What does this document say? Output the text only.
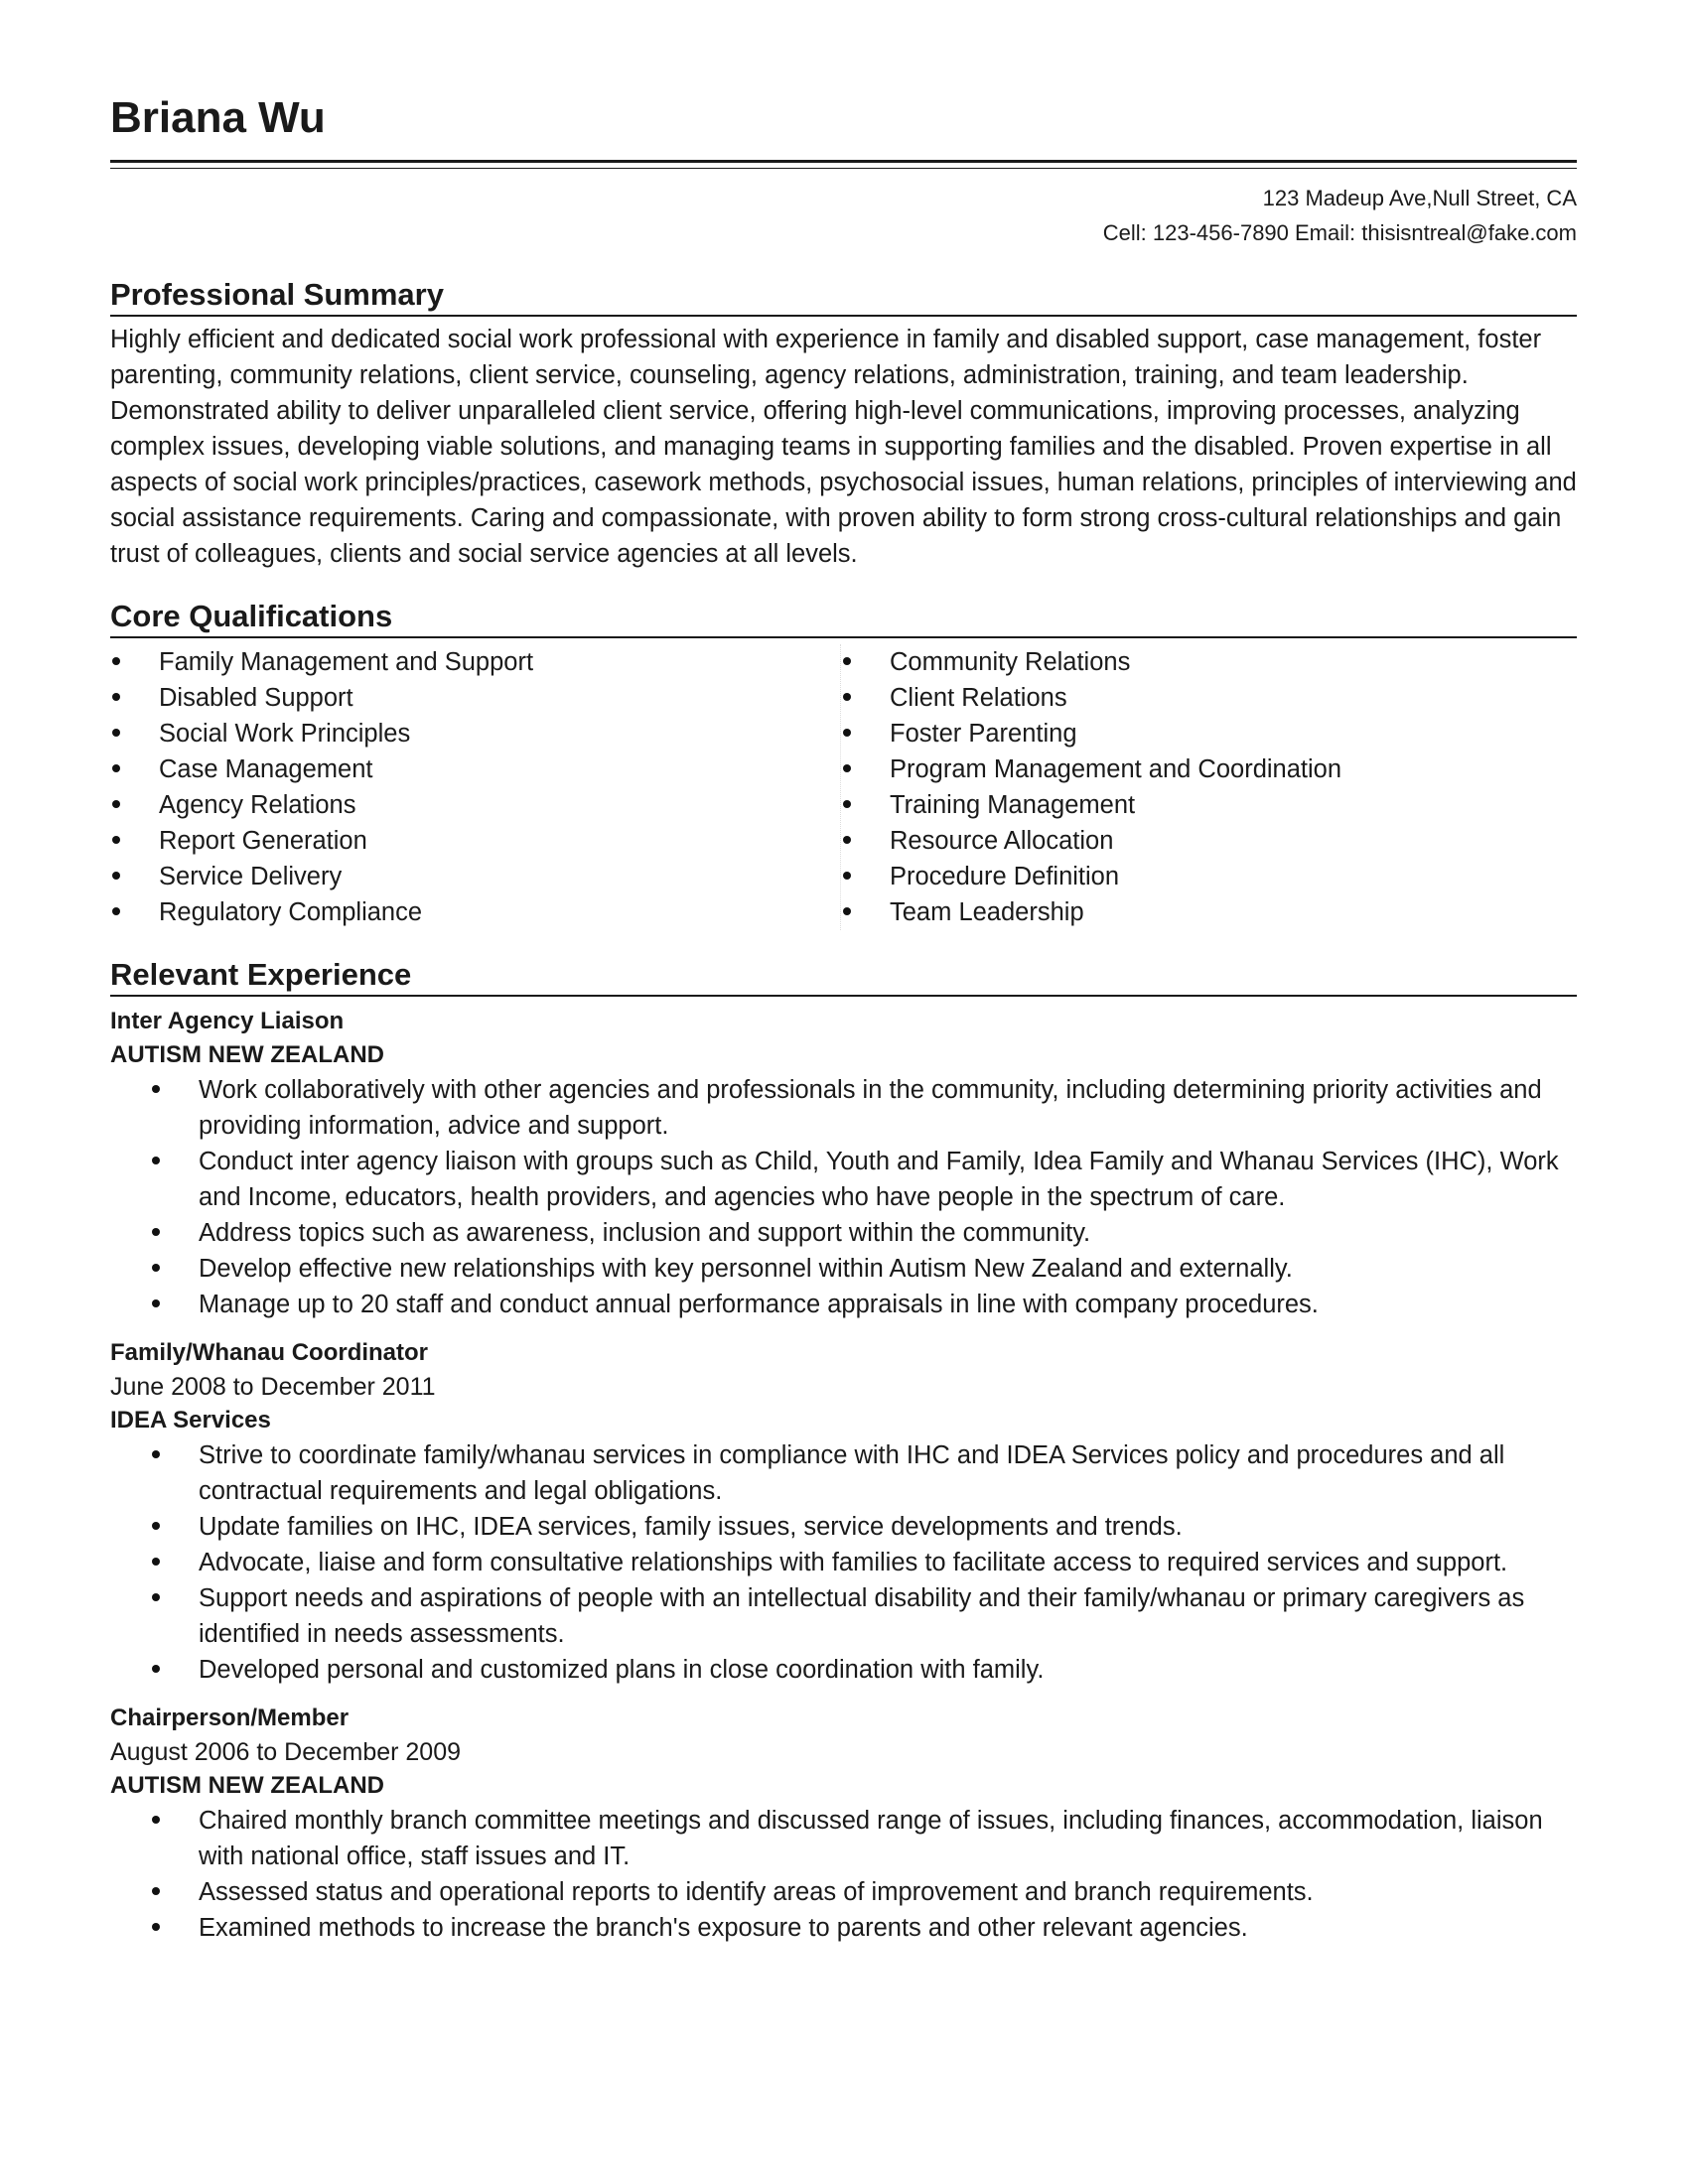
Briana Wu
123 Madeup Ave,Null Street, CA
Cell: 123-456-7890 Email: thisisntreal@fake.com
Professional Summary
Highly efficient and dedicated social work professional with experience in family and disabled support, case management, foster parenting, community relations, client service, counseling, agency relations, administration, training, and team leadership. Demonstrated ability to deliver unparalleled client service, offering high-level communications, improving processes, analyzing complex issues, developing viable solutions, and managing teams in supporting families and the disabled. Proven expertise in all aspects of social work principles/practices, casework methods, psychosocial issues, human relations, principles of interviewing and social assistance requirements. Caring and compassionate, with proven ability to form strong cross-cultural relationships and gain trust of colleagues, clients and social service agencies at all levels.
Core Qualifications
Family Management and Support
Disabled Support
Social Work Principles
Case Management
Agency Relations
Report Generation
Service Delivery
Regulatory Compliance
Community Relations
Client Relations
Foster Parenting
Program Management and Coordination
Training Management
Resource Allocation
Procedure Definition
Team Leadership
Relevant Experience
Inter Agency Liaison
AUTISM NEW ZEALAND
Work collaboratively with other agencies and professionals in the community, including determining priority activities and providing information, advice and support.
Conduct inter agency liaison with groups such as Child, Youth and Family, Idea Family and Whanau Services (IHC), Work and Income, educators, health providers, and agencies who have people in the spectrum of care.
Address topics such as awareness, inclusion and support within the community.
Develop effective new relationships with key personnel within Autism New Zealand and externally.
Manage up to 20 staff and conduct annual performance appraisals in line with company procedures.
Family/Whanau Coordinator
June 2008 to December 2011
IDEA Services
Strive to coordinate family/whanau services in compliance with IHC and IDEA Services policy and procedures and all contractual requirements and legal obligations.
Update families on IHC, IDEA services, family issues, service developments and trends.
Advocate, liaise and form consultative relationships with families to facilitate access to required services and support.
Support needs and aspirations of people with an intellectual disability and their family/whanau or primary caregivers as identified in needs assessments.
Developed personal and customized plans in close coordination with family.
Chairperson/Member
August 2006 to December 2009
AUTISM NEW ZEALAND
Chaired monthly branch committee meetings and discussed range of issues, including finances, accommodation, liaison with national office, staff issues and IT.
Assessed status and operational reports to identify areas of improvement and branch requirements.
Examined methods to increase the branch's exposure to parents and other relevant agencies.
